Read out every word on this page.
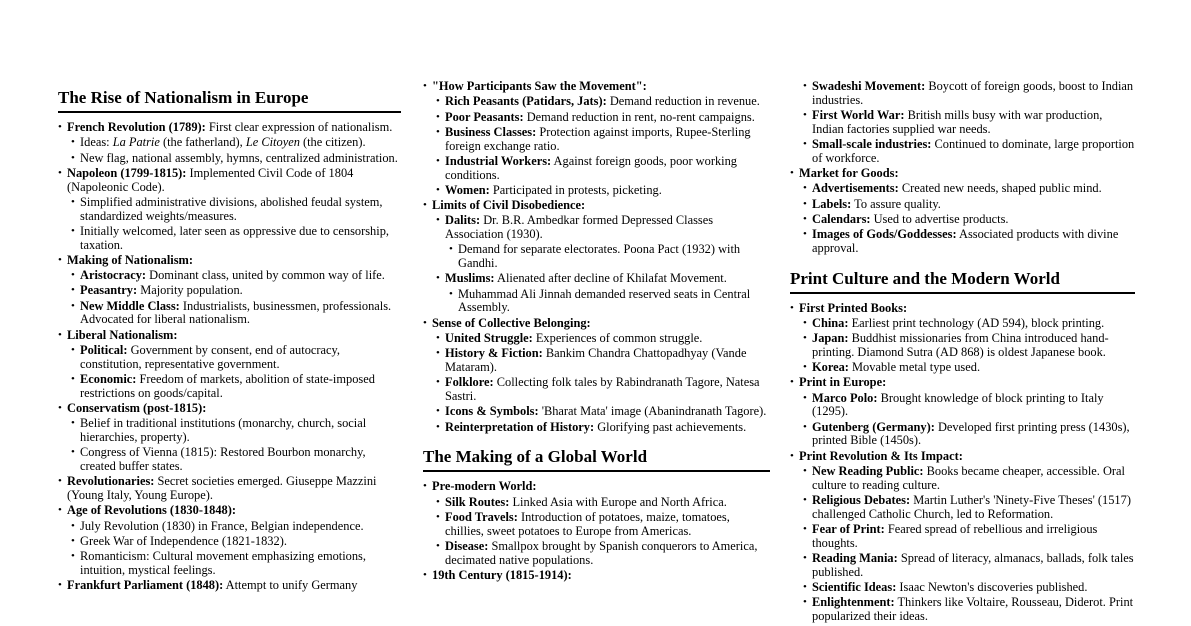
The Rise of Nationalism in Europe
• French Revolution (1789): First clear expression of nationalism.
• Ideas: La Patrie (the fatherland), Le Citoyen (the citizen).
• New flag, national assembly, hymns, centralized administration.
• Napoleon (1799-1815): Implemented Civil Code of 1804 (Napoleonic Code).
• Simplified administrative divisions, abolished feudal system, standardized weights/measures.
• Initially welcomed, later seen as oppressive due to censorship, taxation.
• Making of Nationalism:
• Aristocracy: Dominant class, united by common way of life.
• Peasantry: Majority population.
• New Middle Class: Industrialists, businessmen, professionals. Advocated for liberal nationalism.
• Liberal Nationalism:
• Political: Government by consent, end of autocracy, constitution, representative government.
• Economic: Freedom of markets, abolition of state-imposed restrictions on goods/capital.
• Conservatism (post-1815):
• Belief in traditional institutions (monarchy, church, social hierarchies, property).
• Congress of Vienna (1815): Restored Bourbon monarchy, created buffer states.
• Revolutionaries: Secret societies emerged. Giuseppe Mazzini (Young Italy, Young Europe).
• Age of Revolutions (1830-1848):
• July Revolution (1830) in France, Belgian independence.
• Greek War of Independence (1821-1832).
• Romanticism: Cultural movement emphasizing emotions, intuition, mystical feelings.
• Frankfurt Parliament (1848): Attempt to unify Germany
• "How Participants Saw the Movement":
• Rich Peasants (Patidars, Jats): Demand reduction in revenue.
• Poor Peasants: Demand reduction in rent, no-rent campaigns.
• Business Classes: Protection against imports, Rupee-Sterling foreign exchange ratio.
• Industrial Workers: Against foreign goods, poor working conditions.
• Women: Participated in protests, picketing.
• Limits of Civil Disobedience:
• Dalits: Dr. B.R. Ambedkar formed Depressed Classes Association (1930).
• Demand for separate electorates. Poona Pact (1932) with Gandhi.
• Muslims: Alienated after decline of Khilafat Movement.
• Muhammad Ali Jinnah demanded reserved seats in Central Assembly.
• Sense of Collective Belonging:
• United Struggle: Experiences of common struggle.
• History & Fiction: Bankim Chandra Chattopadhyay (Vande Mataram).
• Folklore: Collecting folk tales by Rabindranath Tagore, Natesa Sastri.
• Icons & Symbols: 'Bharat Mata' image (Abanindranath Tagore).
• Reinterpretation of History: Glorifying past achievements.
The Making of a Global World
• Pre-modern World:
• Silk Routes: Linked Asia with Europe and North Africa.
• Food Travels: Introduction of potatoes, maize, tomatoes, chillies, sweet potatoes to Europe from Americas.
• Disease: Smallpox brought by Spanish conquerors to America, decimated native populations.
• 19th Century (1815-1914):
• Swadeshi Movement: Boycott of foreign goods, boost to Indian industries.
• First World War: British mills busy with war production, Indian factories supplied war needs.
• Small-scale industries: Continued to dominate, large proportion of workforce.
• Market for Goods:
• Advertisements: Created new needs, shaped public mind.
• Labels: To assure quality.
• Calendars: Used to advertise products.
• Images of Gods/Goddesses: Associated products with divine approval.
Print Culture and the Modern World
• First Printed Books:
• China: Earliest print technology (AD 594), block printing.
• Japan: Buddhist missionaries from China introduced hand-printing. Diamond Sutra (AD 868) is oldest Japanese book.
• Korea: Movable metal type used.
• Print in Europe:
• Marco Polo: Brought knowledge of block printing to Italy (1295).
• Gutenberg (Germany): Developed first printing press (1430s), printed Bible (1450s).
• Print Revolution & Its Impact:
• New Reading Public: Books became cheaper, accessible. Oral culture to reading culture.
• Religious Debates: Martin Luther's 'Ninety-Five Theses' (1517) challenged Catholic Church, led to Reformation.
• Fear of Print: Feared spread of rebellious and irreligious thoughts.
• Reading Mania: Spread of literacy, almanacs, ballads, folk tales published.
• Scientific Ideas: Isaac Newton's discoveries published.
• Enlightenment: Thinkers like Voltaire, Rousseau, Diderot. Print popularized their ideas.
